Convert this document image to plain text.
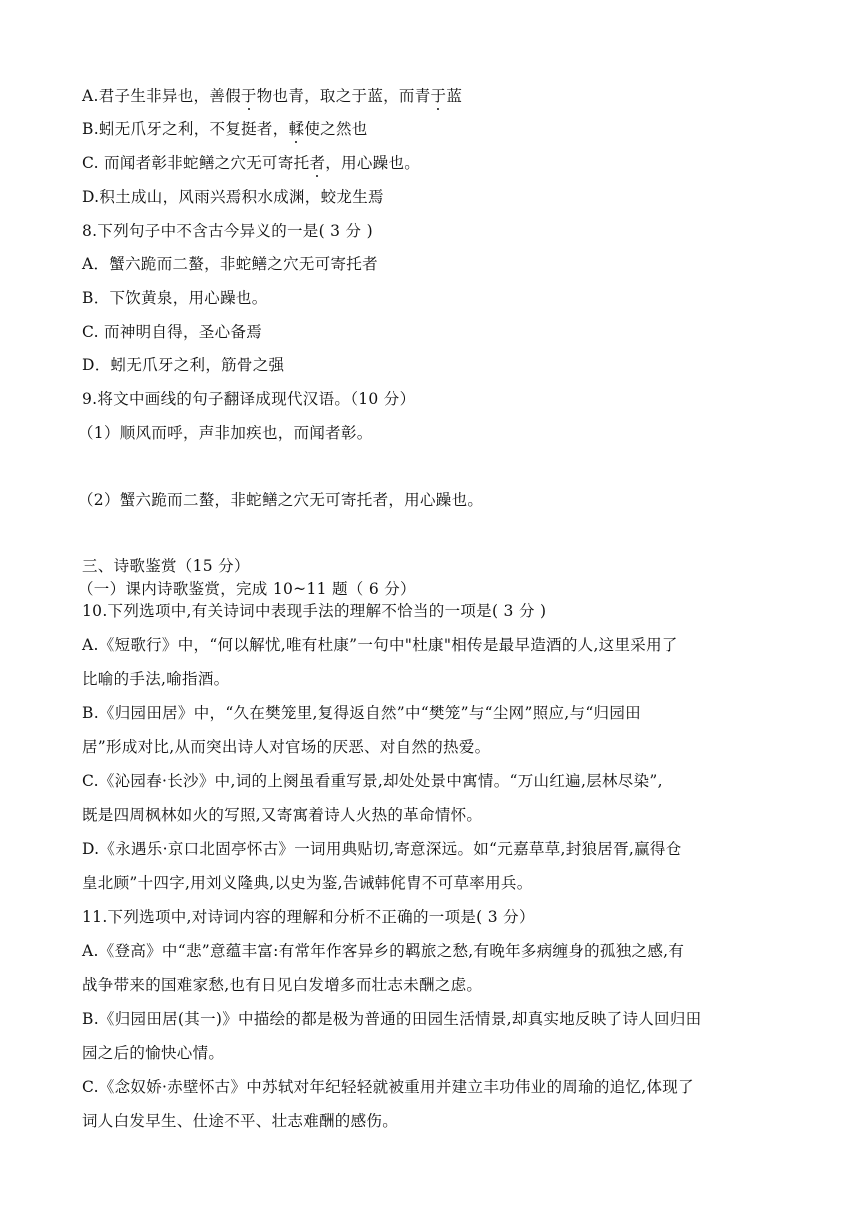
A.君子生非异也，善假于物也青，取之于蓝，而青于蓝
B.蚓无爪牙之利，不复挺者，輮使之然也
C. 而闻者彰非蛇鳝之穴无可寄托者，用心躁也。
D.积土成山，风雨兴焉积水成渊，蛟龙生焉
8.下列句子中不含古今异义的一是( 3 分 )
A．蟹六跪而二螯，非蛇鳝之穴无可寄托者
B．下饮黄泉，用心躁也。
C. 而神明自得，圣心备焉
D．蚓无爪牙之利，筋骨之强
9.将文中画线的句子翻译成现代汉语。（10 分）
（1）顺风而呼，声非加疾也，而闻者彰。
（2）蟹六跪而二螯，非蛇鳝之穴无可寄托者，用心躁也。
三、诗歌鉴赏（15 分）
（一）课内诗歌鉴赏，完成 10~11 题（ 6 分）
10.下列选项中,有关诗词中表现手法的理解不恰当的一项是( 3 分 )
A.《短歌行》中，“何以解忧,唯有杜康”一句中"杜康"相传是最早造酒的人,这里采用了
比喻的手法,喻指酒。
B.《归园田居》中，“久在樊笼里,复得返自然”中“樊笼”与“尘网”照应,与“归园田
居”形成对比,从而突出诗人对官场的厌恶、对自然的热爱。
C.《沁园春·长沙》中,词的上阕虽看重写景,却处处景中寓情。“万山红遍,层林尽染”,
既是四周枫林如火的写照,又寄寓着诗人火热的革命情怀。
D.《永遇乐·京口北固亭怀古》一词用典贴切,寄意深远。如“元嘉草草,封狼居胥,赢得仓
皇北顾”十四字,用刘义隆典,以史为鉴,告诫韩侂胄不可草率用兵。
11.下列选项中,对诗词内容的理解和分析不正确的一项是( 3 分）
A.《登高》中“悲”意蕴丰富:有常年作客异乡的羁旅之愁,有晚年多病缠身的孤独之感,有
战争带来的国难家愁,也有日见白发增多而壮志未酬之虑。
B.《归园田居(其一)》中描绘的都是极为普通的田园生活情景,却真实地反映了诗人回归田
园之后的愉快心情。
C.《念奴娇·赤壁怀古》中苏轼对年纪轻轻就被重用并建立丰功伟业的周瑜的追忆,体现了
词人白发早生、仕途不平、壮志难酬的感伤。
